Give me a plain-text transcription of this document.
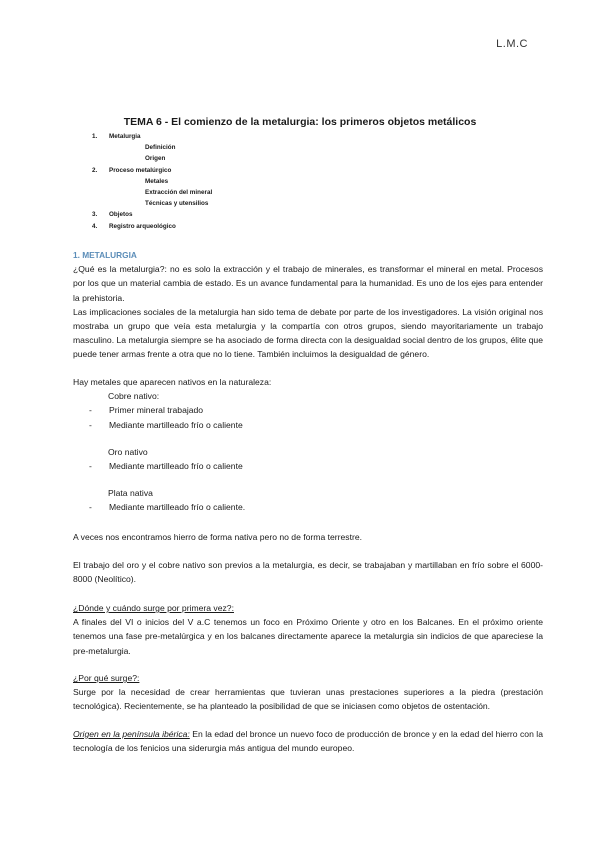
L.M.C
TEMA 6 - El comienzo de la metalurgia: los primeros objetos metálicos
1. Metalurgia
Definición
Origen
2. Proceso metalúrgico
Metales
Extracción del mineral
Técnicas y utensilios
3. Objetos
4. Registro arqueológico
1. METALURGIA

¿Qué es la metalurgia?: no es solo la extracción y el trabajo de minerales, es transformar el mineral en metal. Procesos por los que un material cambia de estado. Es un avance fundamental para la humanidad. Es uno de los ejes para entender la prehistoria.

Las implicaciones sociales de la metalurgia han sido tema de debate por parte de los investigadores. La visión original nos mostraba un grupo que veía esta metalurgia y la compartía con otros grupos, siendo mayoritariamente un trabajo masculino. La metalurgia siempre se ha asociado de forma directa con la desigualdad social dentro de los grupos, élite que puede tener armas frente a otra que no lo tiene. También incluimos la desigualdad de género.

Hay metales que aparecen nativos en la naturaleza:

Cobre nativo:
- Primer mineral trabajado
- Mediante martilleado frío o caliente
Oro nativo
- Mediante martilleado frío o caliente
Plata nativa
- Mediante martilleado frío o caliente.
A veces nos encontramos hierro de forma nativa pero no de forma terrestre.
El trabajo del oro y el cobre nativo son previos a la metalurgia, es decir, se trabajaban y martillaban en frío sobre el 6000-8000 (Neolítico).

¿Dónde y cuándo surge por primera vez?:

A finales del VI o inicios del V a.C tenemos un foco en Próximo Oriente y otro en los Balcanes. En el próximo oriente tenemos una fase pre-metalúrgica y en los balcanes directamente aparece la metalurgia sin indicios de que apareciese la pre-metalurgia.

¿Por qué surge?:

Surge por la necesidad de crear herramientas que tuvieran unas prestaciones superiores a la piedra (prestación tecnológica). Recientemente, se ha planteado la posibilidad de que se iniciasen como objetos de ostentación.

Origen en la península ibérica: En la edad del bronce un nuevo foco de producción de bronce y en la edad del hierro con la tecnología de los fenicios una siderurgia más antigua del mundo europeo.
